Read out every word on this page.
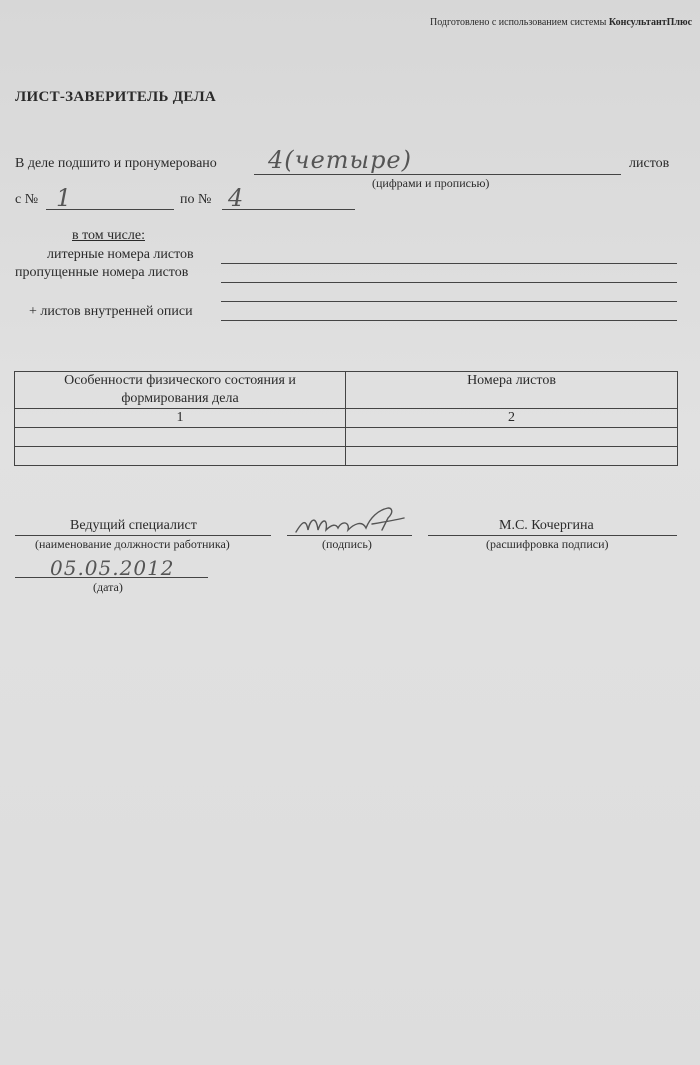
Подготовлено с использованием системы КонсультантПлюс
ЛИСТ-ЗАВЕРИТЕЛЬ ДЕЛА
В деле подшито и пронумеровано 4(четыре)	листов
(цифрами и прописью)
с № 1	по № 4
в том числе:
литерные номера листов
пропущенные номера листов
+ листов внутренней описи
Особенности физического состояния и формирования дела	Номера листов
1	2

Ведущий специалист
(наименование должности работника)	(подпись)
М.С. Кочергина
(расшифровка подписи)
05.05.2012
(дата)
